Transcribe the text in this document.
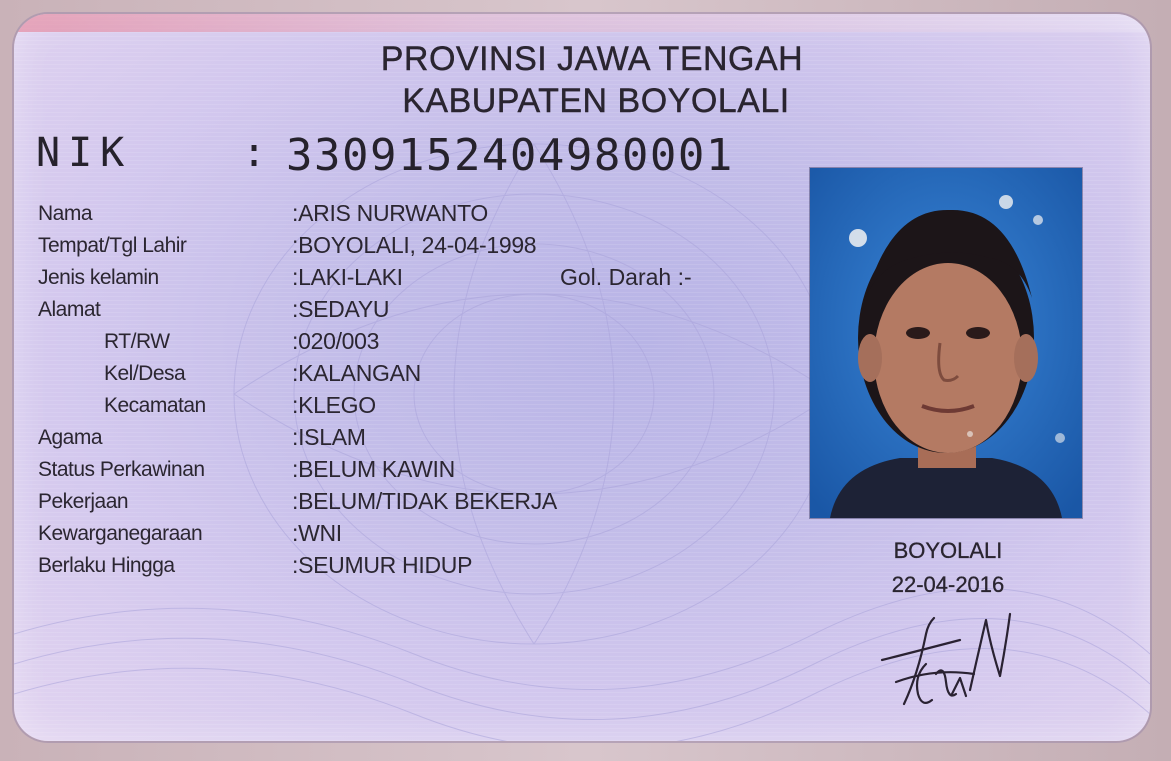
PROVINSI JAWA TENGAH
KABUPATEN BOYOLALI
NIK	: 3309152404980001
Nama	:ARIS NURWANTO
Tempat/Tgl Lahir	:BOYOLALI, 24-04-1998
Jenis kelamin	:LAKI-LAKI	Gol. Darah :-
Alamat	:SEDAYU
RT/RW	:020/003
Kel/Desa	:KALANGAN
Kecamatan	:KLEGO
Agama	:ISLAM
Status Perkawinan	:BELUM KAWIN
Pekerjaan	:BELUM/TIDAK BEKERJA
Kewarganegaraan	:WNI
Berlaku Hingga	:SEUMUR HIDUP
BOYOLALI
22-04-2016
